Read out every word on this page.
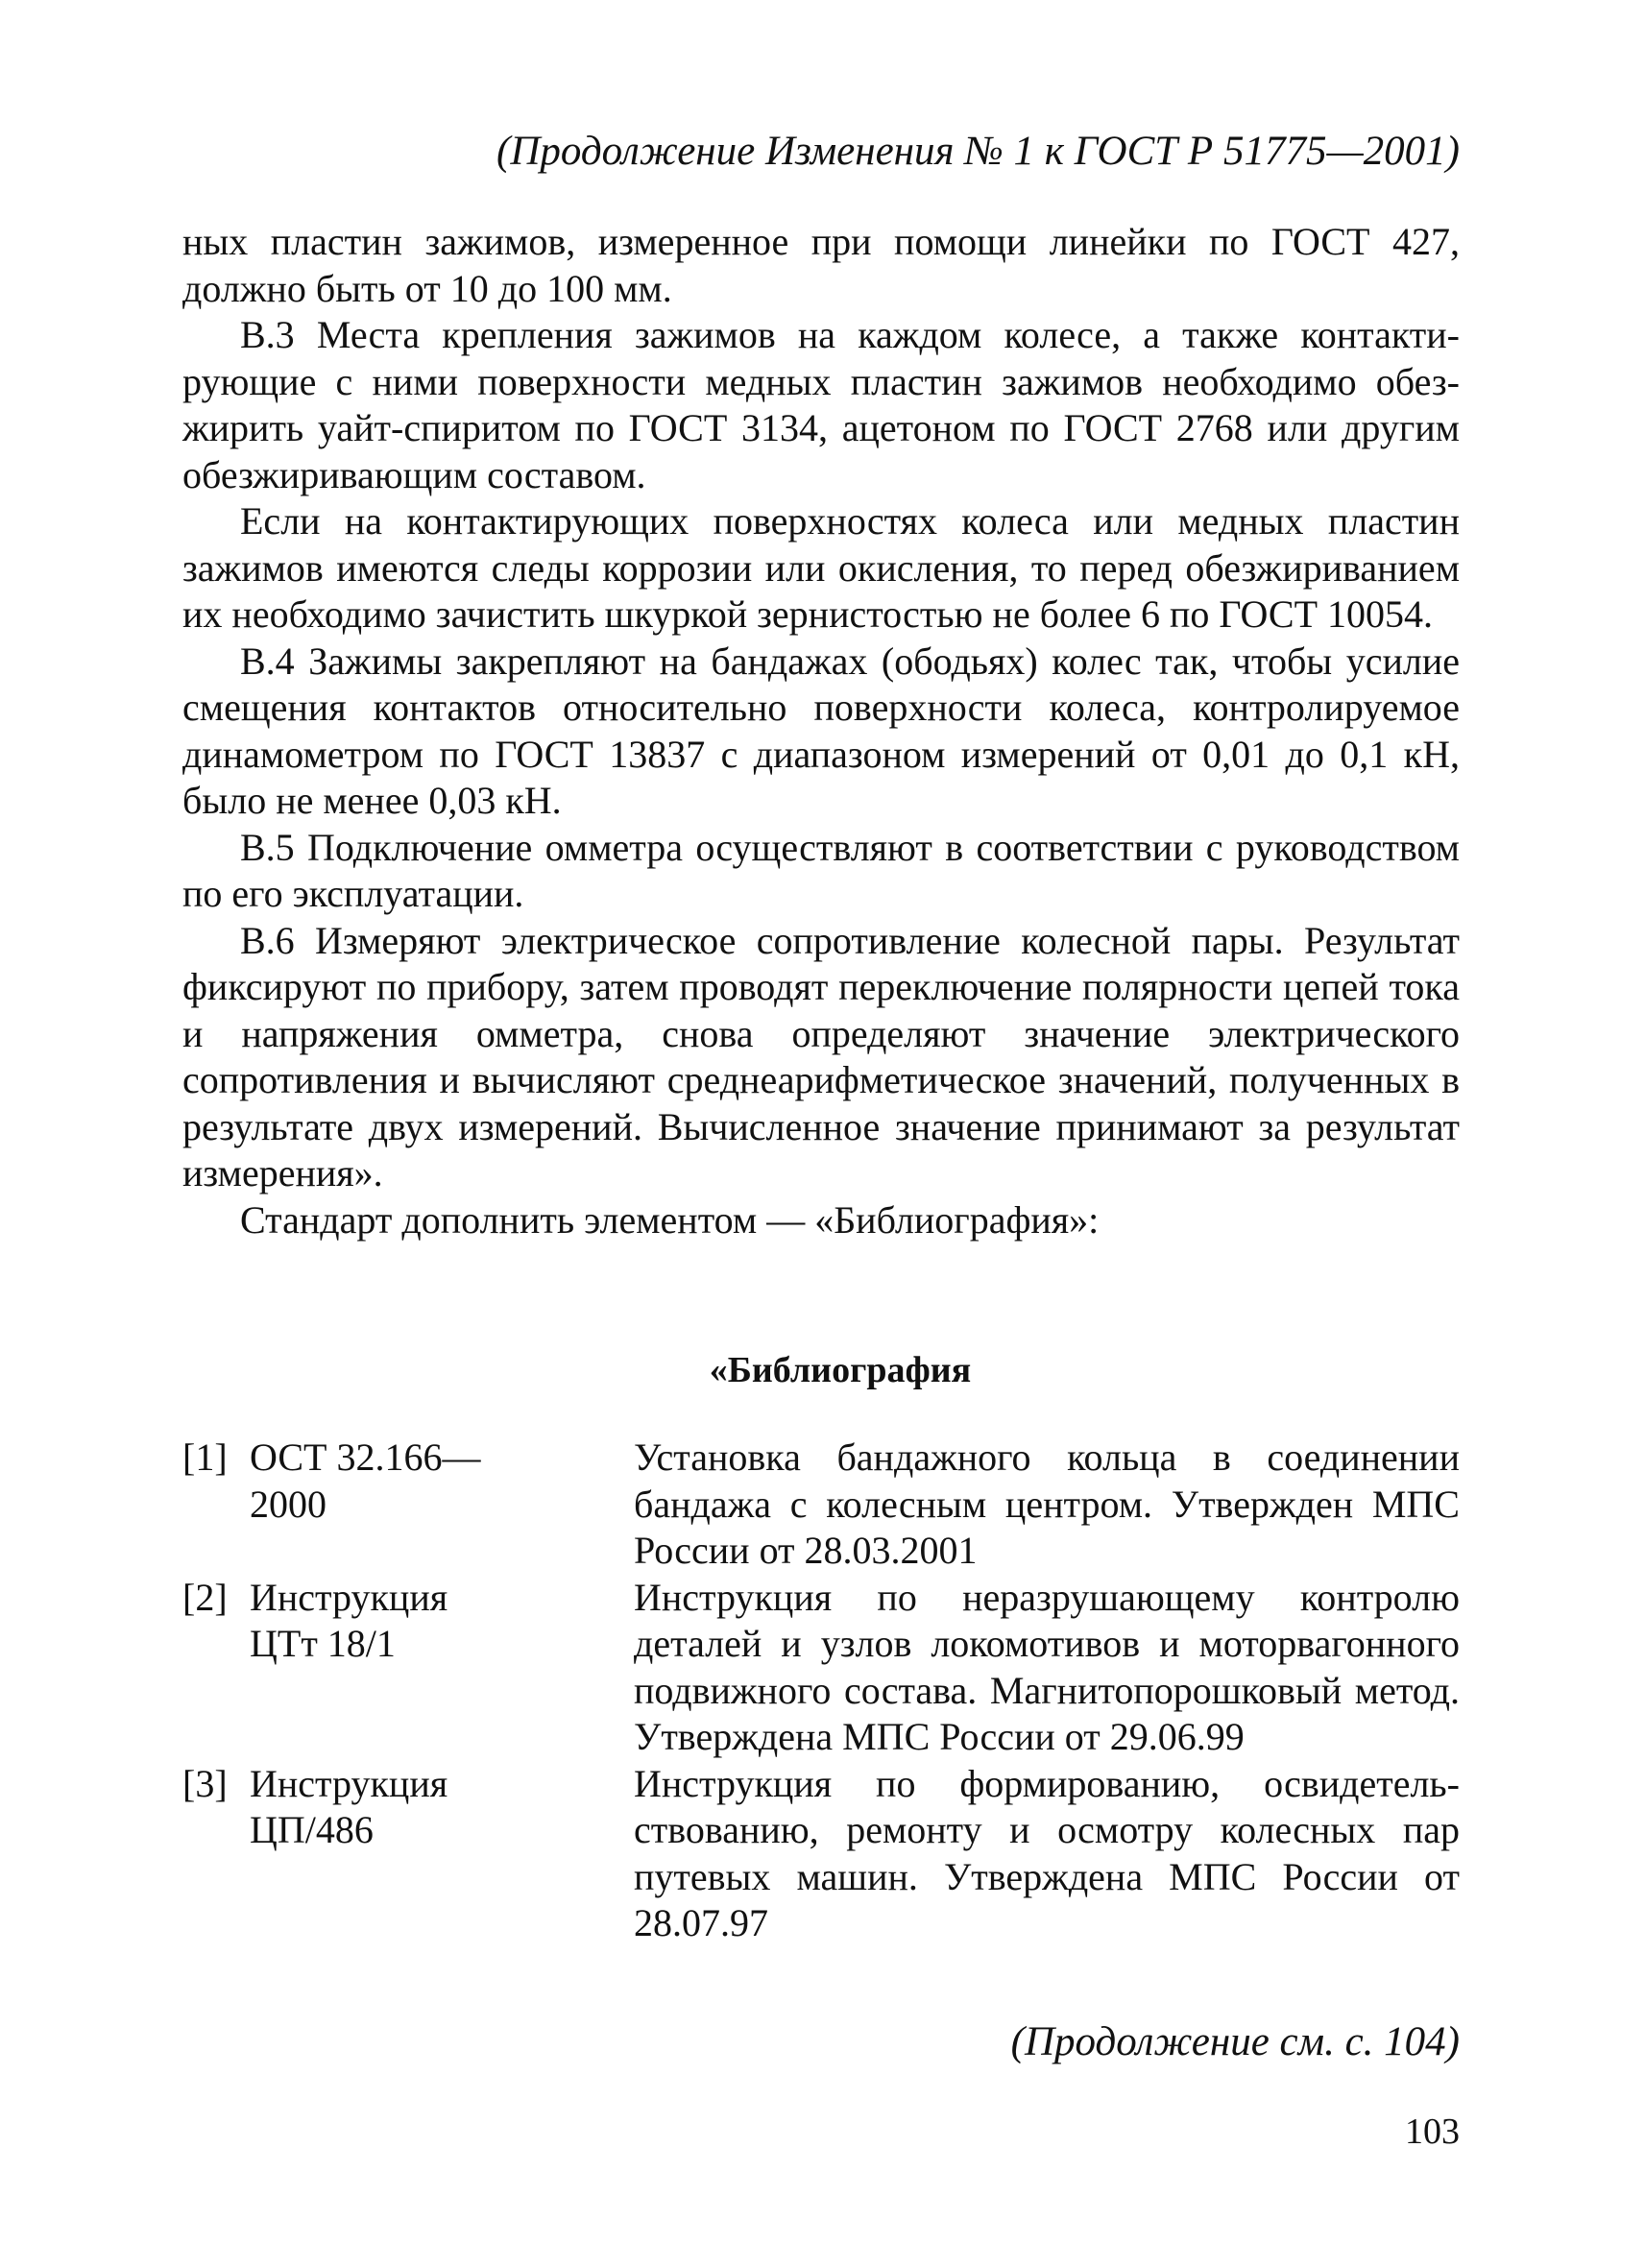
(Продолжение Изменения № 1 к ГОСТ Р 51775—2001)

ных пластин зажимов, измеренное при помощи линейки по ГОСТ 427, должно быть от 10 до 100 мм.

В.3 Места крепления зажимов на каждом колесе, а также контактирующие с ними поверхности медных пластин зажимов необходимо обезжирить уайт-спиритом по ГОСТ 3134, ацетоном по ГОСТ 2768 или другим обезжиривающим составом.

Если на контактирующих поверхностях колеса или медных пластин зажимов имеются следы коррозии или окисления, то перед обезжириванием их необходимо зачистить шкуркой зернистостью не более 6 по ГОСТ 10054.

В.4 Зажимы закрепляют на бандажах (ободьях) колес так, чтобы усилие смещения контактов относительно поверхности колеса, контролируемое динамометром по ГОСТ 13837 с диапазоном измерений от 0,01 до 0,1 кН, было не менее 0,03 кН.

В.5 Подключение омметра осуществляют в соответствии с руководством по его эксплуатации.

В.6 Измеряют электрическое сопротивление колесной пары. Результат фиксируют по прибору, затем проводят переключение полярности цепей тока и напряжения омметра, снова определяют значение электрического сопротивления и вычисляют среднеарифметическое значений, полученных в результате двух измерений. Вычисленное значение принимают за результат измерения».

Стандарт дополнить элементом — «Библиография»:

«Библиография
[1] ОСТ 32.166—2000
Установка бандажного кольца в соединении бандажа с колесным центром. Утвержден МПС России от 28.03.2001
[2] Инструкция ЦТт 18/1
Инструкция по неразрушающему контролю деталей и узлов локомотивов и моторвагонного подвижного состава. Магнитопорошковый метод. Утверждена МПС России от 29.06.99
[3] Инструкция ЦП/486
Инструкция по формированию, освидетельствованию, ремонту и осмотру колесных пар путевых машин. Утверждена МПС России от 28.07.97
(Продолжение см. с. 104)
103
